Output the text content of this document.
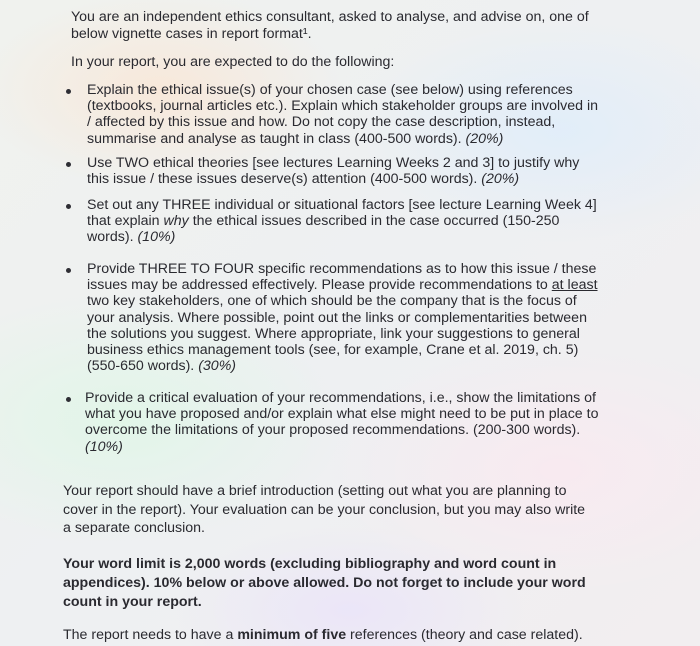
You are an independent ethics consultant, asked to analyse, and advise on, one of
below vignette cases in report format¹.

In your report, you are expected to do the following:

Explain the ethical issue(s) of your chosen case (see below) using references
(textbooks, journal articles etc.). Explain which stakeholder groups are involved in
/ affected by this issue and how. Do not copy the case description, instead,
summarise and analyse as taught in class (400-500 words). (20%)
Use TWO ethical theories [see lectures Learning Weeks 2 and 3] to justify why
this issue / these issues deserve(s) attention (400-500 words). (20%)
Set out any THREE individual or situational factors [see lecture Learning Week 4]
that explain why the ethical issues described in the case occurred (150-250
words). (10%)
Provide THREE TO FOUR specific recommendations as to how this issue / these
issues may be addressed effectively. Please provide recommendations to at least
two key stakeholders, one of which should be the company that is the focus of
your analysis. Where possible, point out the links or complementarities between
the solutions you suggest. Where appropriate, link your suggestions to general
business ethics management tools (see, for example, Crane et al. 2019, ch. 5)
(550-650 words). (30%)
Provide a critical evaluation of your recommendations, i.e., show the limitations of
what you have proposed and/or explain what else might need to be put in place to
overcome the limitations of your proposed recommendations. (200-300 words).
(10%)

Your report should have a brief introduction (setting out what you are planning to
cover in the report). Your evaluation can be your conclusion, but you may also write
a separate conclusion.

Your word limit is 2,000 words (excluding bibliography and word count in
appendices). 10% below or above allowed. Do not forget to include your word
count in your report.

The report needs to have a minimum of five references (theory and case related).
